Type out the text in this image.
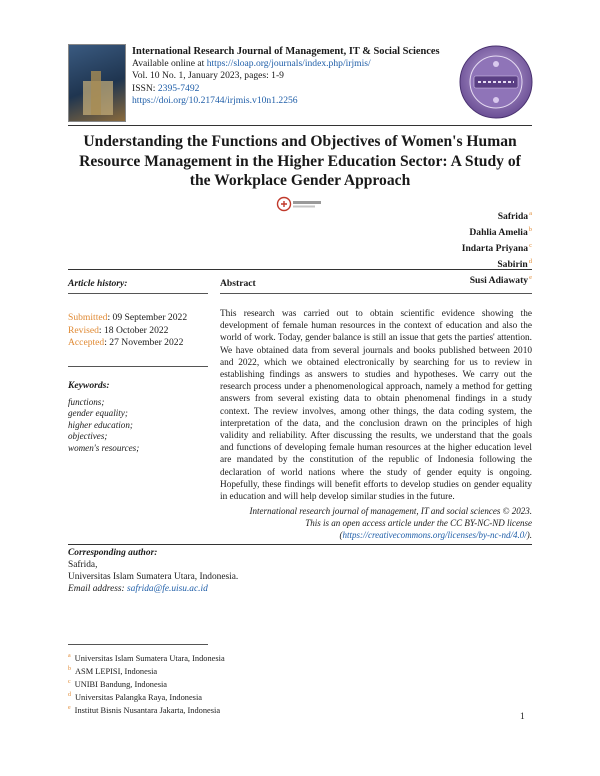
International Research Journal of Management, IT & Social Sciences
Available online at https://sloap.org/journals/index.php/irjmis/
Vol. 10 No. 1, January 2023, pages: 1-9
ISSN: 2395-7492
https://doi.org/10.21744/irjmis.v10n1.2256
Understanding the Functions and Objectives of Women's Human Resource Management in the Higher Education Sector: A Study of the Workplace Gender Approach
Safrida$^a$
Dahlia Amelia$^b$
Indarta Priyana$^c$
Sabirin$^d$
Susi Adiawaty$^e$
Article history:
Submitted: 09 September 2022
Revised: 18 October 2022
Accepted: 27 November 2022
Keywords:
functions;
gender equality;
higher education;
objectives;
women's resources;
Abstract
This research was carried out to obtain scientific evidence showing the development of female human resources in the context of education and also the world of work. Today, gender balance is still an issue that gets the parties' attention. We have obtained data from several journals and books published between 2010 and 2022, which we obtained electronically by searching for us to review in establishing findings as answers to studies and hypotheses. We carry out the research process under a phenomenological approach, namely a method for getting answers from several existing data to obtain phenomenal findings in a study context. The review involves, among other things, the data coding system, the interpretation of the data, and the conclusion drawn on the principles of high validity and reliability. After discussing the results, we understand that the goals and functions of developing female human resources at the higher education level are mandated by the constitution of the republic of Indonesia following the declaration of world nations where the study of gender equity is ongoing. Hopefully, these findings will benefit efforts to develop studies on gender equality in education and will help develop similar studies in the future.
International research journal of management, IT and social sciences © 2023.
This is an open access article under the CC BY-NC-ND license
(https://creativecommons.org/licenses/by-nc-nd/4.0/).
Corresponding author:
Safrida,
Universitas Islam Sumatera Utara, Indonesia.
Email address: safrida@fe.uisu.ac.id
$^a$ Universitas Islam Sumatera Utara, Indonesia
$^b$ ASM LEPISI, Indonesia
$^c$ UNIBI Bandung, Indonesia
$^d$ Universitas Palangka Raya, Indonesia
$^e$ Institut Bisnis Nusantara Jakarta, Indonesia
1
